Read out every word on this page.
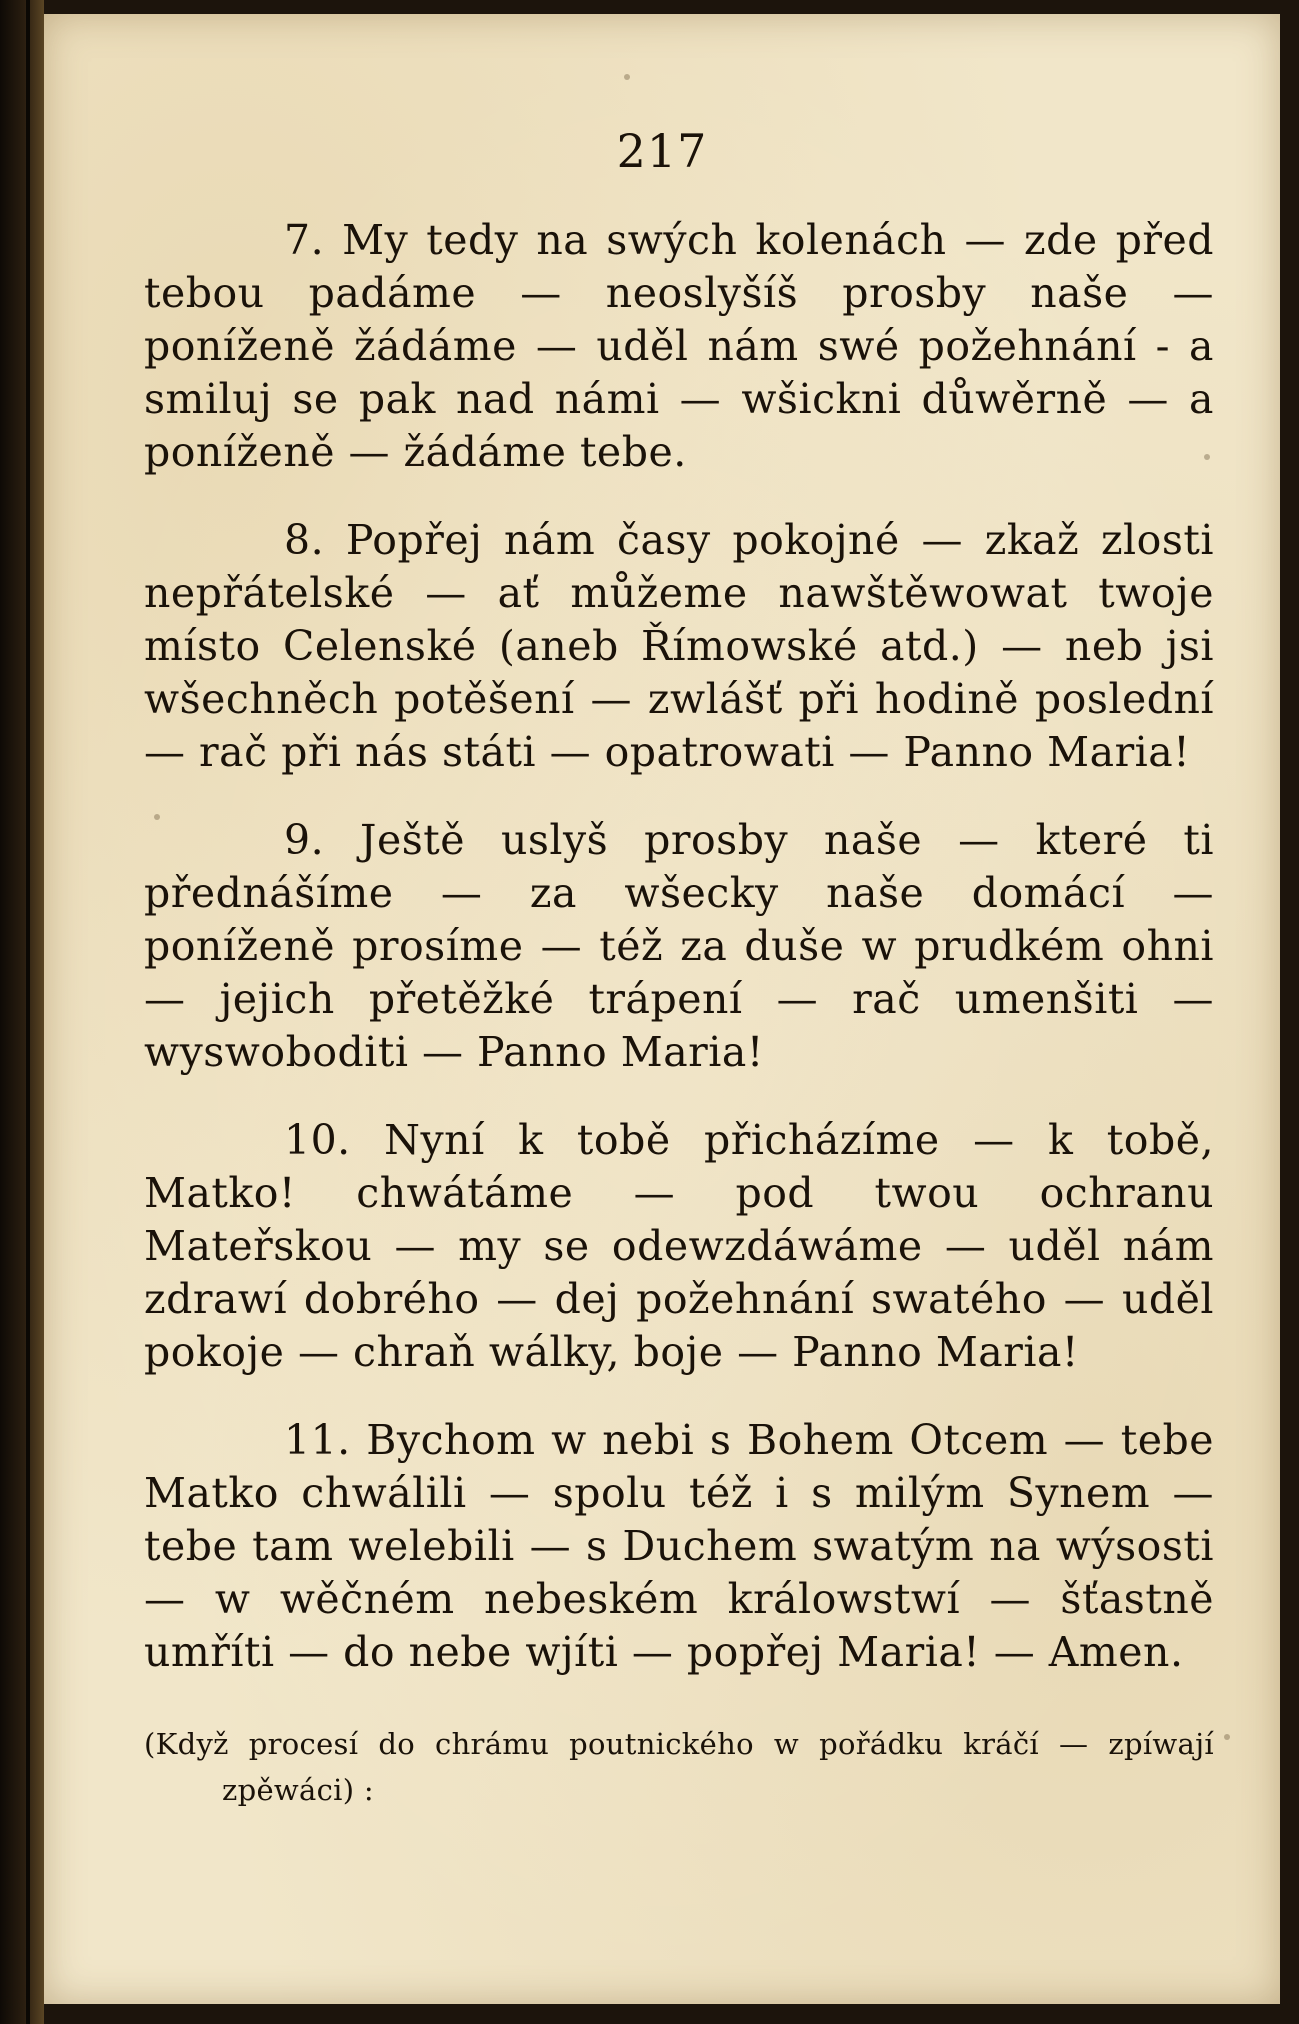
217

7. My tedy na swých kolenách — zde před tebou padáme — neoslyšíš prosby naše — poníženě žádáme — uděl nám swé požehnání - a smiluj se pak nad námi — wšickni důwěrně — a poníženě — žádáme tebe.

8. Popřej nám časy pokojné — zkaž zlosti nepřátelské — ať můžeme nawštěwowat twoje místo Celenské (aneb Římowské atd.) — neb jsi wšechněch potěšení — zwlášť při hodině poslední — rač při nás státi — opatrowati — Panno Maria!

9. Ještě uslyš prosby naše — které ti přednášíme — za wšecky naše domácí — poníženě prosíme — též za duše w prudkém ohni — jejich přetěžké trápení — rač umenšiti — wyswoboditi — Panno Maria!

10. Nyní k tobě přicházíme — k tobě, Matko! chwátáme — pod twou ochranu Mateřskou — my se odewzdáwáme — uděl nám zdrawí dobrého — dej požehnání swatého — uděl pokoje — chraň wálky, boje — Panno Maria!

11. Bychom w nebi s Bohem Otcem — tebe Matko chwálili — spolu též i s milým Synem — tebe tam welebili — s Duchem swatým na wýsosti — w wěčném nebeském králowstwí — šťastně umříti — do nebe wjíti — popřej Maria! — Amen.

(Když procesí do chrámu poutnického w pořádku kráčí — zpíwají zpěwáci) :
